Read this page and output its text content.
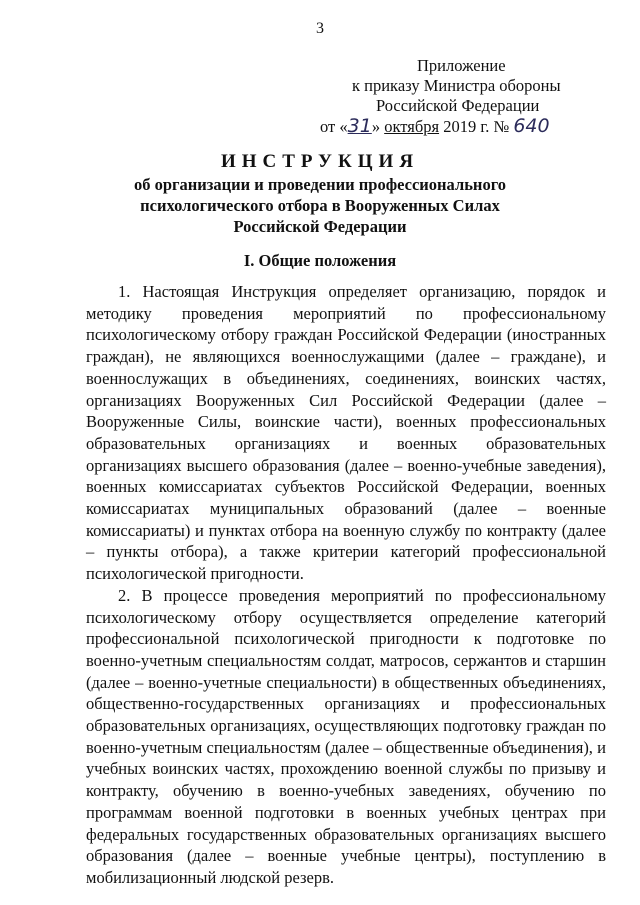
3
Приложение
к приказу Министра обороны
Российской Федерации
от «31» октября 2019 г. № 640
ИНСТРУКЦИЯ
об организации и проведении профессионального
психологического отбора в Вооруженных Силах
Российской Федерации
I. Общие положения

1. Настоящая Инструкция определяет организацию, порядок и методику проведения мероприятий по профессиональному психологическому отбору граждан Российской Федерации (иностранных граждан), не являющихся военнослужащими (далее – граждане), и военнослужащих в объединениях, соединениях, воинских частях, организациях Вооруженных Сил Российской Федерации (далее – Вооруженные Силы, воинские части), военных профессиональных образовательных организациях и военных образовательных организациях высшего образования (далее – военно-учебные заведения), военных комиссариатах субъектов Российской Федерации, военных комиссариатах муниципальных образований (далее – военные комиссариаты) и пунктах отбора на военную службу по контракту (далее – пункты отбора), а также критерии категорий профессиональной психологической пригодности.

2. В процессе проведения мероприятий по профессиональному психологическому отбору осуществляется определение категорий профессиональной психологической пригодности к подготовке по военно-учетным специальностям солдат, матросов, сержантов и старшин (далее – военно-учетные специальности) в общественных объединениях, общественно-государственных организациях и профессиональных образовательных организациях, осуществляющих подготовку граждан по военно-учетным специальностям (далее – общественные объединения), и учебных воинских частях, прохождению военной службы по призыву и контракту, обучению в военно-учебных заведениях, обучению по программам военной подготовки в военных учебных центрах при федеральных государственных образовательных организациях высшего образования (далее – военные учебные центры), поступлению в мобилизационный людской резерв.
